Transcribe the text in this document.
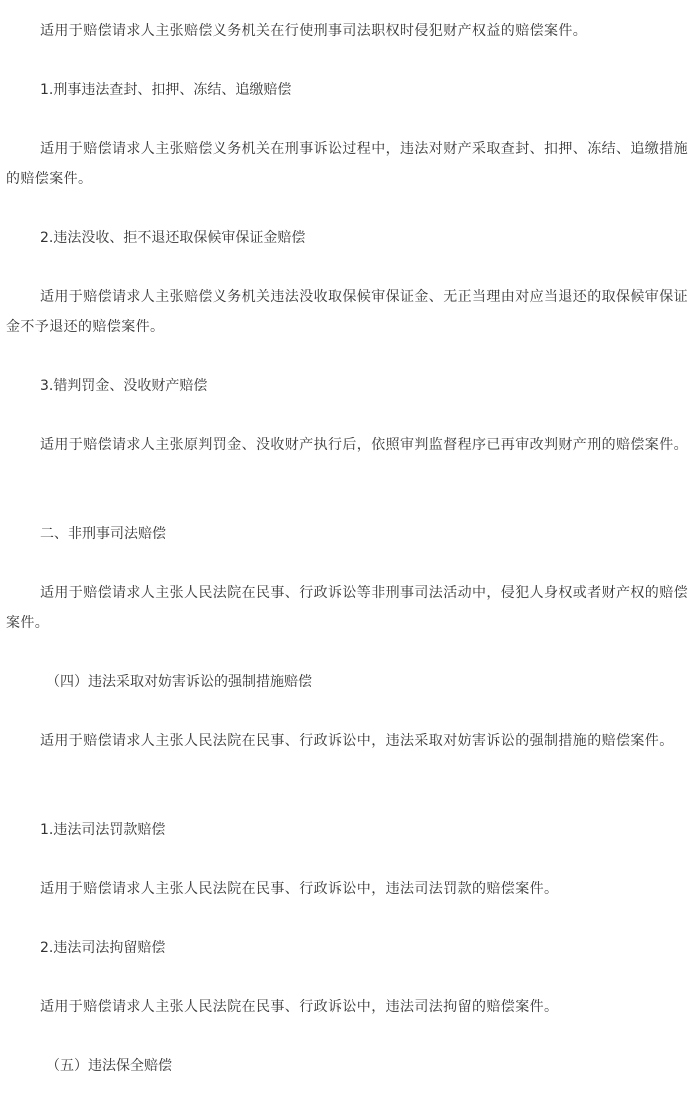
适用于赔偿请求人主张赔偿义务机关在行使刑事司法职权时侵犯财产权益的赔偿案件。

1.刑事违法查封、扣押、冻结、追缴赔偿

适用于赔偿请求人主张赔偿义务机关在刑事诉讼过程中，违法对财产采取查封、扣押、冻结、追缴措施的赔偿案件。

2.违法没收、拒不退还取保候审保证金赔偿

适用于赔偿请求人主张赔偿义务机关违法没收取保候审保证金、无正当理由对应当退还的取保候审保证金不予退还的赔偿案件。

3.错判罚金、没收财产赔偿

适用于赔偿请求人主张原判罚金、没收财产执行后，依照审判监督程序已再审改判财产刑的赔偿案件。

二、非刑事司法赔偿

适用于赔偿请求人主张人民法院在民事、行政诉讼等非刑事司法活动中，侵犯人身权或者财产权的赔偿案件。

（四）违法采取对妨害诉讼的强制措施赔偿

适用于赔偿请求人主张人民法院在民事、行政诉讼中，违法采取对妨害诉讼的强制措施的赔偿案件。

1.违法司法罚款赔偿

适用于赔偿请求人主张人民法院在民事、行政诉讼中，违法司法罚款的赔偿案件。

2.违法司法拘留赔偿

适用于赔偿请求人主张人民法院在民事、行政诉讼中，违法司法拘留的赔偿案件。

（五）违法保全赔偿
